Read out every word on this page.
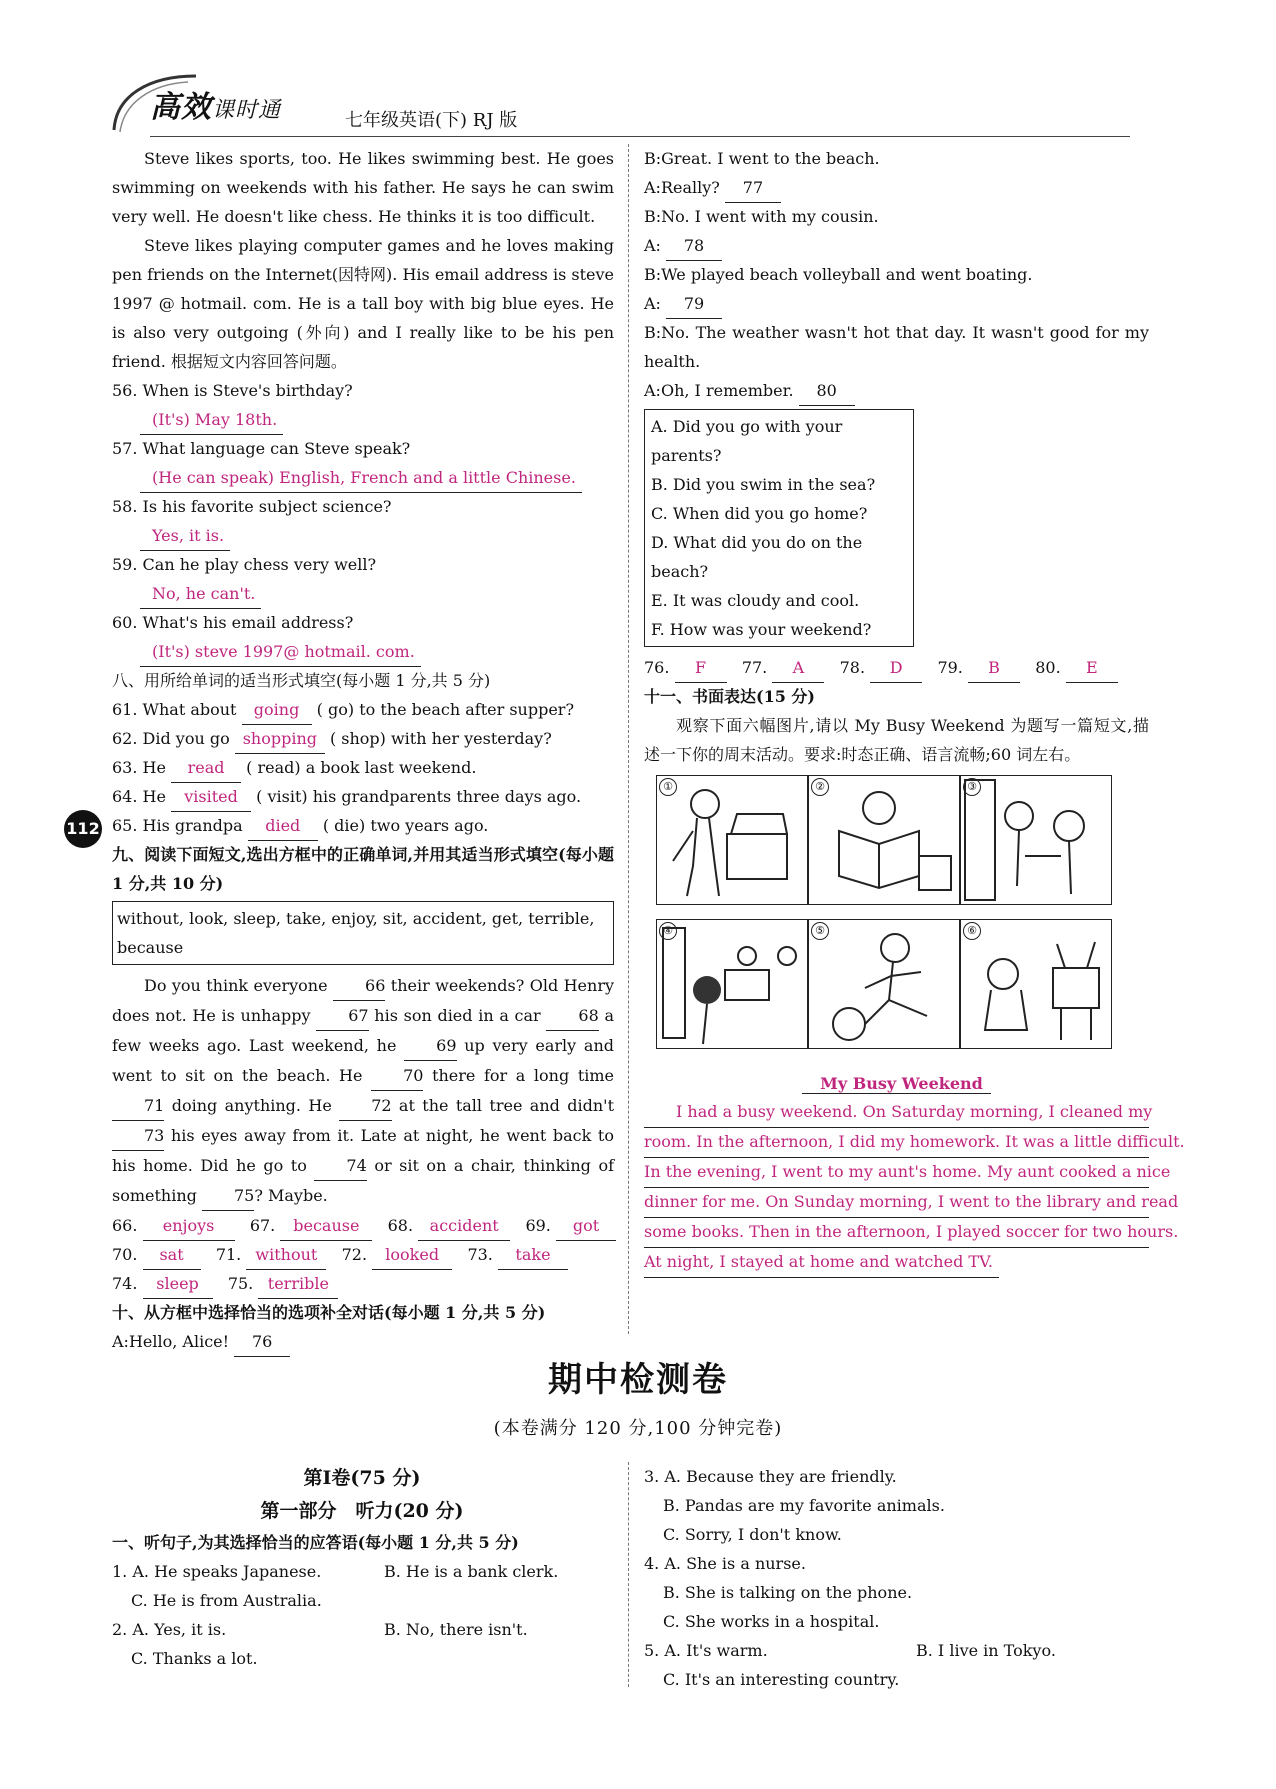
高效课时通	七年级英语(下) RJ 版
112
Steve likes sports, too. He likes swimming best. He goes swimming on weekends with his father. He says he can swim very well. He doesn't like chess. He thinks it is too difficult.
Steve likes playing computer games and he loves making pen friends on the Internet(因特网). His email address is steve 1997 @ hotmail. com. He is a tall boy with big blue eyes. He is also very outgoing (外向) and I really like to be his pen friend. 根据短文内容回答问题。
56. When is Steve's birthday?
(It's) May 18th.
57. What language can Steve speak?
(He can speak) English, French and a little Chinese.
58. Is his favorite subject science?
Yes, it is.
59. Can he play chess very well?
No, he can't.
60. What's his email address?
(It's) steve 1997@ hotmail. com.
八、用所给单词的适当形式填空(每小题 1 分,共 5 分)
61. What about going ( go) to the beach after supper?
62. Did you go shopping ( shop) with her yesterday?
63. He read ( read) a book last weekend.
64. He visited ( visit) his grandparents three days ago.
65. His grandpa died ( die) two years ago.
九、阅读下面短文,选出方框中的正确单词,并用其适当形式填空(每小题 1 分,共 10 分)
without, look, sleep, take, enjoy, sit, accident, get, terrible, because
Do you think everyone 66 their weekends? Old Henry does not. He is unhappy 67 his son died in a car 68 a few weeks ago. Last weekend, he 69 up very early and went to sit on the beach. He	70 there for a long time 71 doing anything. He 72 at the tall tree and didn't 73 his eyes away from it. Late at night, he went back to his home. Did he go to 74 or sit on a chair, thinking of something 75? Maybe.
66. enjoys 67. because 68. accident 69. got
70. sat 71. without 72. looked 73. take
74. sleep 75. terrible
十、从方框中选择恰当的选项补全对话(每小题 1 分,共 5 分)
A:Hello, Alice! 76
B:Great. I went to the beach.
A:Really? 77
B:No. I went with my cousin.
A: 78
B:We played beach volleyball and went boating.
A: 79
B:No. The weather wasn't hot that day. It wasn't good for my health.
A:Oh, I remember. 80
A. Did you go with your parents?
B. Did you swim in the sea?
C. When did you go home?
D. What did you do on the beach?
E. It was cloudy and cool.
F. How was your weekend?
76. F 77. A 78. D 79. B 80. E
十一、书面表达(15 分)
观察下面六幅图片,请以 My Busy Weekend 为题写一篇短文,描述一下你的周末活动。要求:时态正确、语言流畅;60 词左右。
①	②	③
④	⑤	⑥
My Busy Weekend
I had a busy weekend. On Saturday morning, I cleaned my
room. In the afternoon, I did my homework. It was a little difficult.
In the evening, I went to my aunt's home. My aunt cooked a nice
dinner for me. On Sunday morning, I went to the library and read
some books. Then in the afternoon, I played soccer for two hours.
At night, I stayed at home and watched TV.
期中检测卷
(本卷满分 120 分,100 分钟完卷)
第Ⅰ卷(75 分)
第一部分　听力(20 分)
一、听句子,为其选择恰当的应答语(每小题 1 分,共 5 分)
1. A. He speaks Japanese.	B. He is a bank clerk.
C. He is from Australia.
2. A. Yes, it is.	B. No, there isn't.
C. Thanks a lot.
3. A. Because they are friendly.
B. Pandas are my favorite animals.
C. Sorry, I don't know.
4. A. She is a nurse.
B. She is talking on the phone.
C. She works in a hospital.
5. A. It's warm.	B. I live in Tokyo.
C. It's an interesting country.
